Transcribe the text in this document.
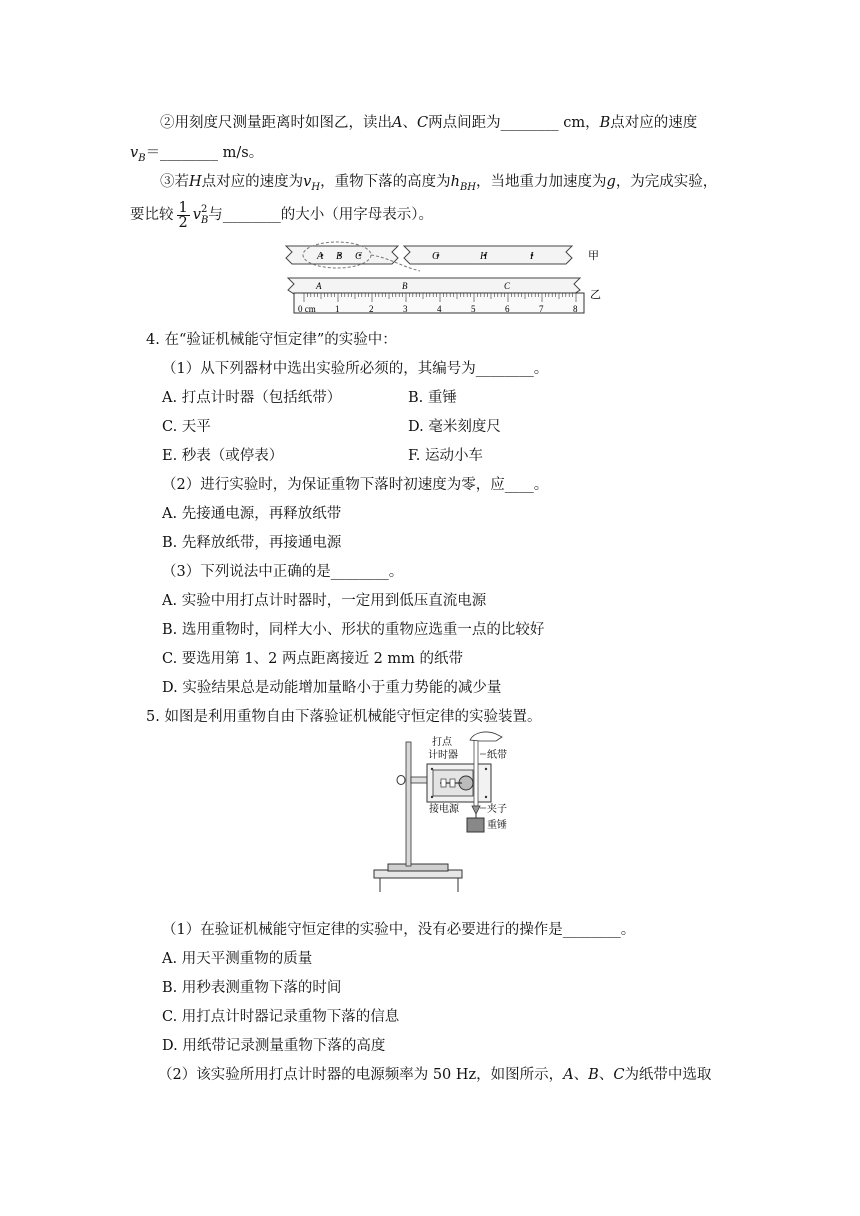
②用刻度尺测量距离时如图乙，读出A、C两点间距为________ cm，B点对应的速度
$v_B=\_\_\_\_\_\_\_\_$ m/s。
③若H点对应的速度为$v_H$，重物下落的高度为$h_{BH}$，当地重力加速度为g，为完成实验，
要比较 $\frac{1}{2}$ v 2
B 与________的大小（用字母表示）。
A B C	G	H	I	甲
A	B	C
0 cm 1	2	3	4	5	6	7	8
乙
4. 在“验证机械能守恒定律”的实验中：
（1）从下列器材中选出实验所必须的，其编号为________。
A. 打点计时器（包括纸带）	B. 重锤
C. 天平	D. 毫米刻度尺
E. 秒表（或停表）	F. 运动小车
（2）进行实验时，为保证重物下落时初速度为零，应____。
A. 先接通电源，再释放纸带
B. 先释放纸带，再接通电源
（3）下列说法中正确的是________。
A. 实验中用打点计时器时，一定用到低压直流电源
B. 选用重物时，同样大小、形状的重物应选重一点的比较好
C. 要选用第 1、2 两点距离接近 2 mm 的纸带
D. 实验结果总是动能增加量略小于重力势能的减少量
5. 如图是利用重物自由下落验证机械能守恒定律的实验装置。
打点
计时器	纸带
接电源	夹子
重锤
（1）在验证机械能守恒定律的实验中，没有必要进行的操作是________。
A. 用天平测重物的质量
B. 用秒表测重物下落的时间
C. 用打点计时器记录重物下落的信息
D. 用纸带记录测量重物下落的高度
（2）该实验所用打点计时器的电源频率为 50 Hz，如图所示，A、B、C为纸带中选取
